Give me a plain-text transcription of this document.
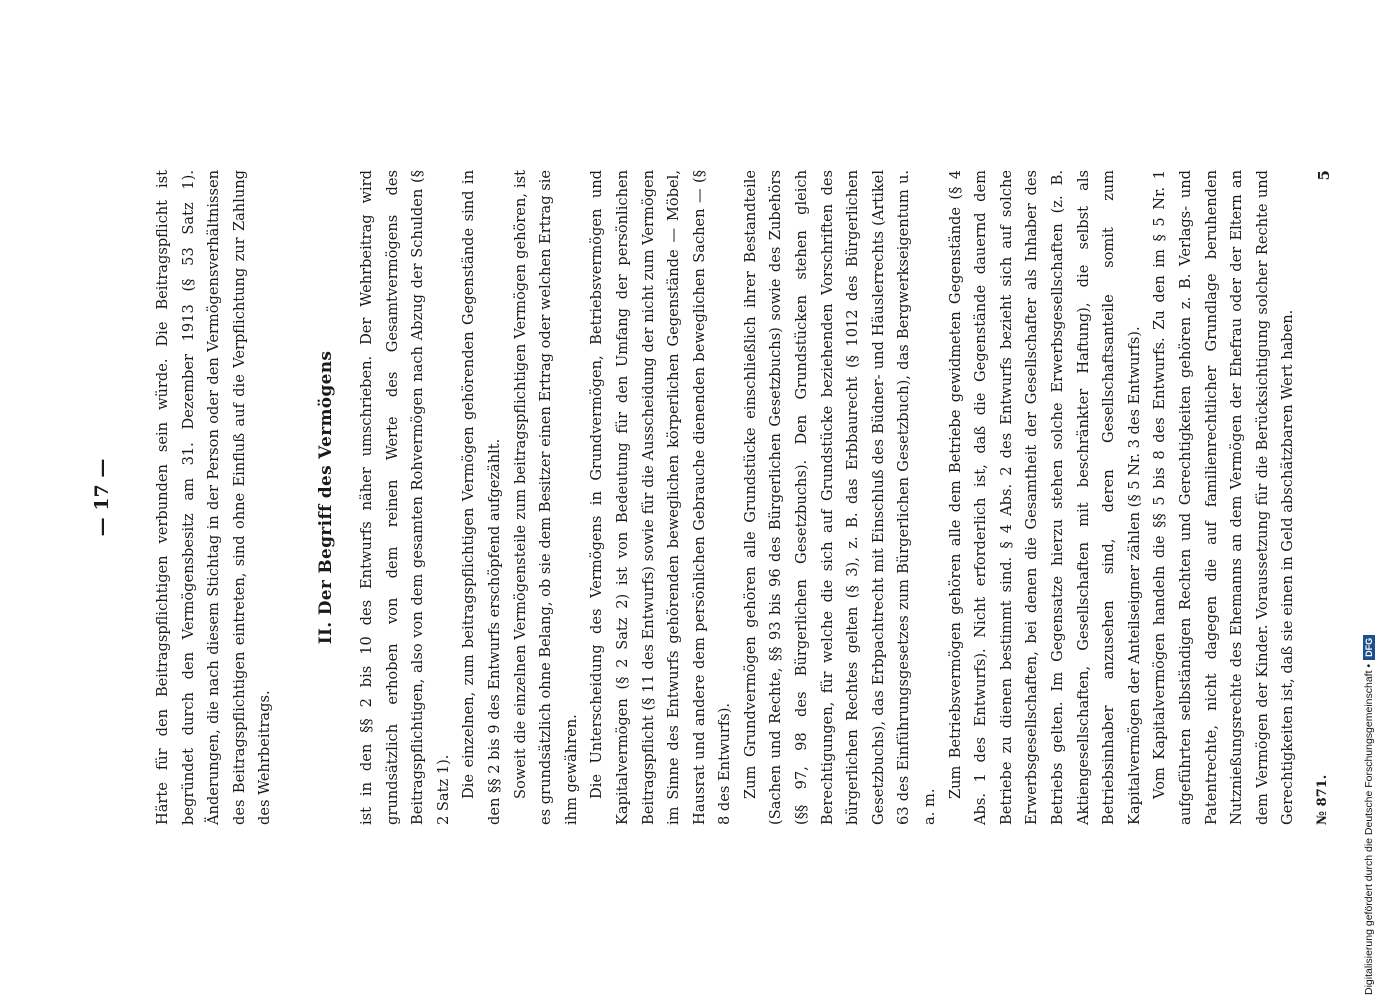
— 17 —	Härte für den Beitragspflichtigen verbunden sein würde. Die Beitragspflicht ist begründet durch den Vermögensbesitz am 31. Dezember 1913 (§ 53 Satz 1). Änderungen, die nach diesem Stichtag in der Person oder den Vermögensverhältnissen des Beitragspflichtigen eintreten, sind ohne Einfluß auf die Verpflichtung zur Zahlung des Wehrbeitrags.

II. Der Begriff des Vermögens ist in den §§ 2 bis 10 des Entwurfs näher umschrieben. Der Wehrbeitrag wird grundsätzlich erhoben von dem reinen Werte des Gesamtvermögens des Beitragspflichtigen, also von dem gesamten Rohvermögen nach Abzug der Schulden (§ 2 Satz 1). Die einzelnen, zum beitragspflichtigen Vermögen gehörenden Gegenstände sind in den §§ 2 bis 9 des Entwurfs erschöpfend aufgezählt. Soweit die einzelnen Vermögensteile zum beitragspflichtigen Vermögen gehören, ist es grundsätzlich ohne Belang, ob sie dem Besitzer einen Ertrag oder welchen Ertrag sie ihm gewähren. Die Unterscheidung des Vermögens in Grundvermögen, Betriebsvermögen und Kapitalvermögen (§ 2 Satz 2) ist von Bedeutung für den Umfang der persönlichen Beitragspflicht (§ 11 des Entwurfs) sowie für die Ausscheidung der nicht zum Vermögen im Sinne des Entwurfs gehörenden beweglichen körperlichen Gegenstände — Möbel, Hausrat und andere dem persönlichen Gebrauche dienenden beweglichen Sachen — (§ 8 des Entwurfs). Zum Grundvermögen gehören alle Grundstücke einschließlich ihrer Bestandteile (Sachen und Rechte, §§ 93 bis 96 des Bürgerlichen Gesetzbuchs) sowie des Zubehörs (§§ 97, 98 des Bürgerlichen Gesetzbuchs). Den Grundstücken stehen gleich Berechtigungen, für welche die sich auf Grundstücke beziehenden Vorschriften des bürgerlichen Rechtes gelten (§ 3), z. B. das Erbbaurecht (§ 1012 des Bürgerlichen Gesetzbuchs), das Erbpachtrecht mit Einschluß des Büdner- und Häuslerrechts (Artikel 63 des Einführungsgesetzes zum Bürgerlichen Gesetzbuch), das Bergwerkseigentum u. a. m.

Zum Betriebsvermögen gehören alle dem Betriebe gewidmeten Gegenstände (§ 4 Abs. 1 des Entwurfs). Nicht erforderlich ist, daß die Gegenstände dauernd dem Betriebe zu dienen bestimmt sind. § 4 Abs. 2 des Entwurfs bezieht sich auf solche Erwerbsgesellschaften, bei denen die Gesamtheit der Gesellschafter als Inhaber des Betriebs gelten. Im Gegensatze hierzu stehen solche Erwerbsgesellschaften (z. B. Aktiengesellschaften, Gesellschaften mit beschränkter Haftung), die selbst als Betriebsinhaber anzusehen sind, deren Gesellschaftsanteile somit zum Kapitalvermögen der Anteilseigner zählen (§ 5 Nr. 3 des Entwurfs). Vom Kapitalvermögen handeln die §§ 5 bis 8 des Entwurfs. Zu den im § 5 Nr. 1 aufgeführten selbständigen Rechten und Gerechtigkeiten gehören z. B. Verlags- und Patentrechte, nicht dagegen die auf familienrechtlicher Grundlage beruhenden Nutznießungsrechte des Ehemanns an dem Vermögen der Ehefrau oder der Eltern an dem Vermögen der Kinder. Voraussetzung für die Berücksichtigung solcher Rechte und Gerechtigkeiten ist, daß sie einen in Geld abschätzbaren Wert haben.	№ 871.
5
Digitalisierung gefördert durch die Deutsche Forschungsgemeinschaft •DFG
